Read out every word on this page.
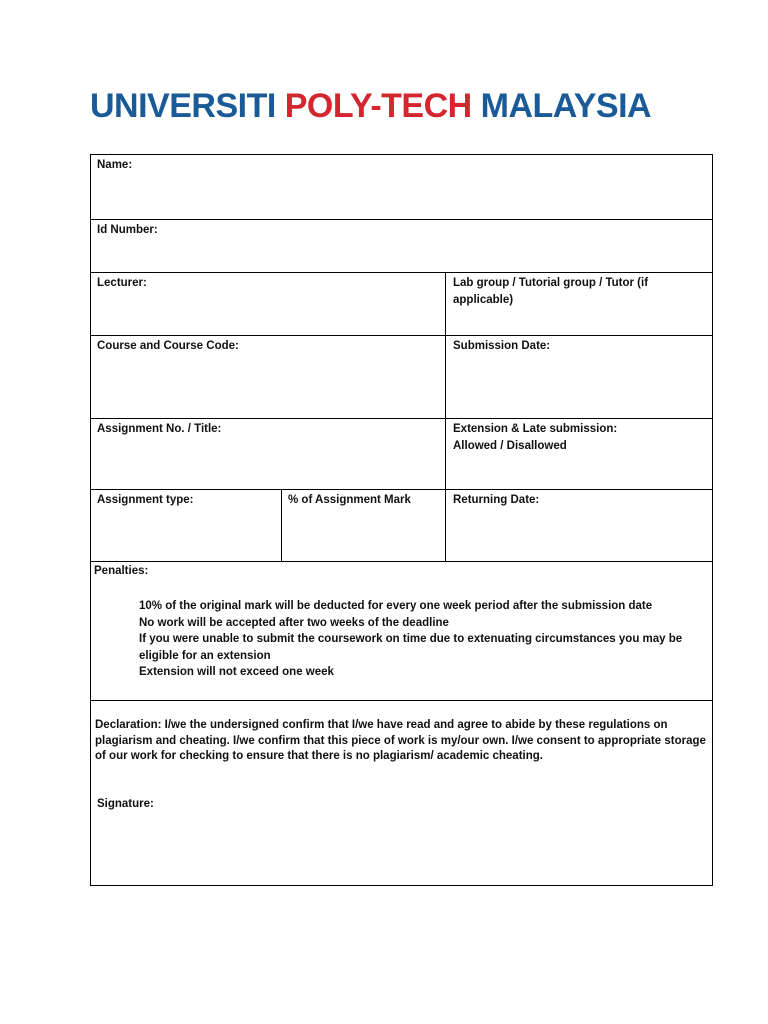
UNIVERSITI POLY-TECH MALAYSIA
Name:
Id Number:
Lecturer:	Lab group / Tutorial group / Tutor (if applicable)
Course and Course Code:	Submission Date:
Assignment No. / Title:	Extension & Late submission:
Allowed / Disallowed
Assignment type:	% of Assignment Mark	Returning Date:
Penalties:
10% of the original mark will be deducted for every one week period after the submission date
No work will be accepted after two weeks of the deadline
If you were unable to submit the coursework on time due to extenuating circumstances you may be eligible for an extension
Extension will not exceed one week
Declaration: I/we the undersigned confirm that I/we have read and agree to abide by these regulations on plagiarism and cheating. I/we confirm that this piece of work is my/our own. I/we consent to appropriate storage of our work for checking to ensure that there is no plagiarism/ academic cheating.
Signature:
